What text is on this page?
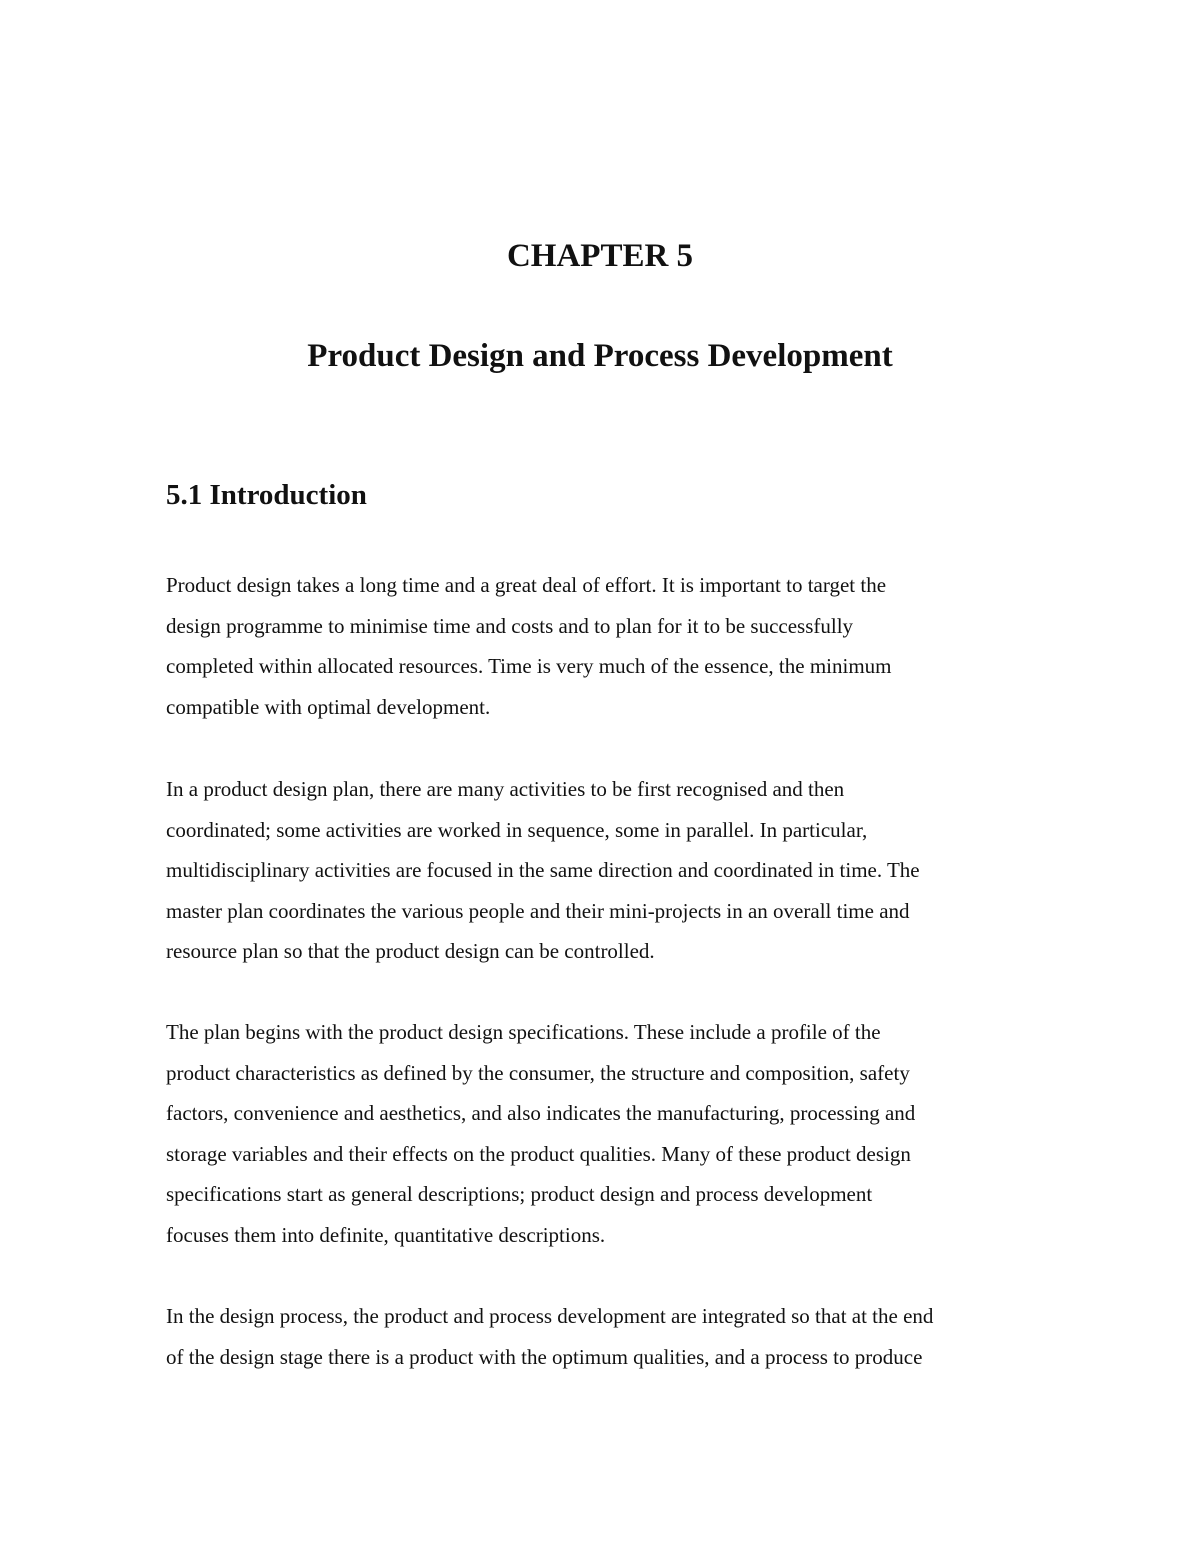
CHAPTER 5
Product Design and Process Development
5.1 Introduction

Product design takes a long time and a great deal of effort. It is important to target the
design programme to minimise time and costs and to plan for it to be successfully
completed within allocated resources. Time is very much of the essence, the minimum
compatible with optimal development.

In a product design plan, there are many activities to be first recognised and then
coordinated; some activities are worked in sequence, some in parallel. In particular,
multidisciplinary activities are focused in the same direction and coordinated in time. The
master plan coordinates the various people and their mini-projects in an overall time and
resource plan so that the product design can be controlled.

The plan begins with the product design specifications. These include a profile of the
product characteristics as defined by the consumer, the structure and composition, safety
factors, convenience and aesthetics, and also indicates the manufacturing, processing and
storage variables and their effects on the product qualities. Many of these product design
specifications start as general descriptions; product design and process development
focuses them into definite, quantitative descriptions.

In the design process, the product and process development are integrated so that at the end
of the design stage there is a product with the optimum qualities, and a process to produce
